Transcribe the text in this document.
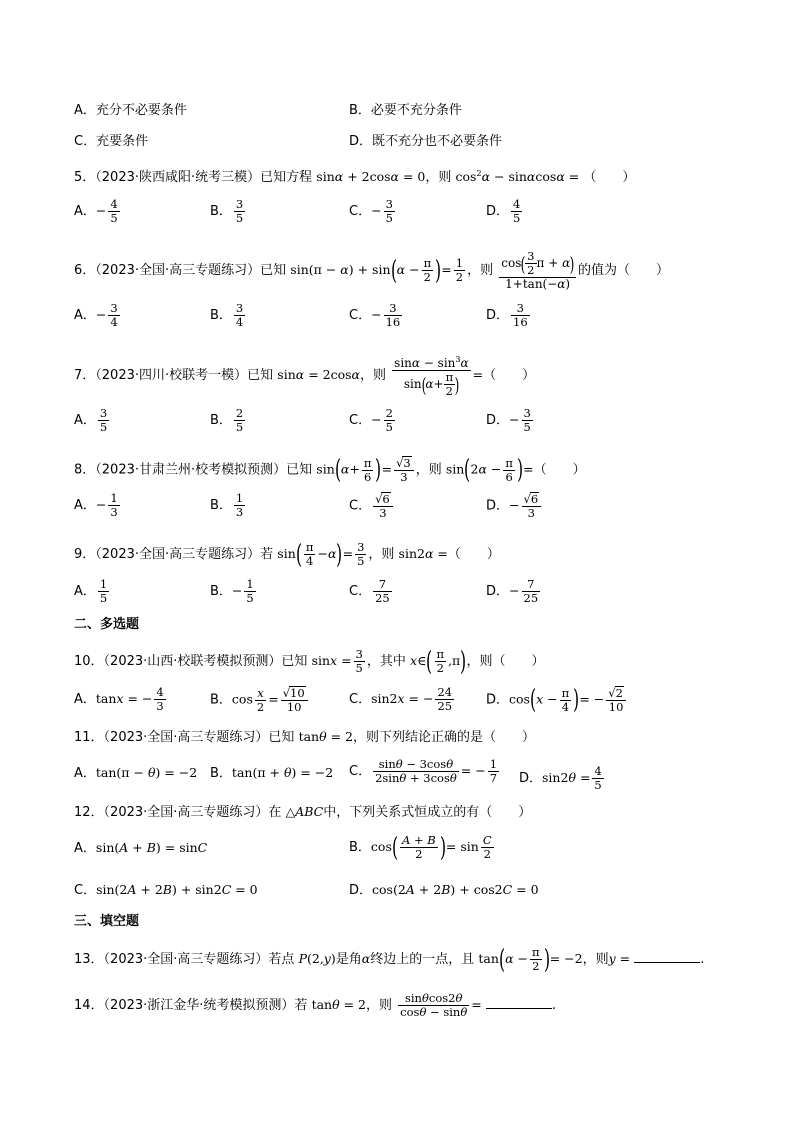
A．充分不必要条件	B．必要不充分条件
C．充要条件	D．既不充分也不必要条件
5．（2023·陕西咸阳·统考三模）已知方程 sinα + 2cosα = 0，则 $\cos^2\alpha - \sin\alpha\cos\alpha$ = （　　）
A．− $\frac{4}{5}$	B． $\frac{3}{5}$	C．− $\frac{3}{5}$	D． $\frac{4}{5}$
6．（2023·全国·高三专题练习）已知 $\sin(\pi - \alpha) + \sin(\alpha - \frac{\pi}{2}$ )= $\frac{1}{2}$ ，则 $\frac{\cos( \frac{3}{2} \pi + \alpha)}{1+\tan(-\alpha)}$ 的值为（　　）
A．− $\frac{3}{4}$	B． $\frac{3}{4}$	C．− $\frac{3}{16}$	D． $\frac{3}{16}$
7．（2023·四川·校联考一模）已知 sinα = 2cosα，则 $\frac{\sin\alpha - \sin^3\alpha}{\sin(\alpha+ \frac{\pi}{2} )}$ =（　　）
A． $\frac{3}{5}$	B． $\frac{2}{5}$	C．− $\frac{2}{5}$	D．− $\frac{3}{5}$
8．（2023·甘肃兰州·校考模拟预测）已知 $\sin(\alpha+ \frac{\pi}{6}$ )= $\frac{√3}{3}$ ，则 $\sin(2\alpha - \frac{\pi}{6}$ )=（　　）
A．− $\frac{1}{3}$	B． $\frac{1}{3}$	C． $\frac{√6}{3}$	D．− $\frac{√6}{3}$
9．（2023·全国·高三专题练习）若 $\sin( \frac{\pi}{4} -\alpha)= \frac{3}{5}$ ，则 sin2α =（　　）
A． $\frac{1}{5}$	B．− $\frac{1}{5}$	C． $\frac{7}{25}$	D．− $\frac{7}{25}$
二、多选题
10．（2023·山西·校联考模拟预测）已知 $\sin x = \frac{3}{5}$ ，其中 x∈( $\frac{\pi}{2} ,\pi$)，则（　　）
A．tanx = − $\frac{4}{3}$	B．$\cos \frac{x}{2} = \frac{√10}{10}$	C．sin2x = − $\frac{24}{25}$ D．$\cos(x - \frac{\pi}{4}$ )= − $\frac{√2}{10}$
11．（2023·全国·高三专题练习）已知 tanθ = 2，则下列结论正确的是（　　）
A．tan(π − θ) = −2 B．tan(π + θ) = −2 C． $\frac{\sin\theta - 3\cos\theta}{2\sin\theta + 3\cos\theta}$ = − $\frac{1}{7}$ D．$\sin 2\theta = \frac{4}{5}$
12．（2023·全国·高三专题练习）在 △ABC中，下列关系式恒成立的有（　　）
A．sin(A + B) = sinC	B．$\cos( \frac{A + B}{2}$ )= $\sin \frac{C}{2}$
C．sin(2A + 2B) + sin2C = 0	D．cos(2A + 2B) + cos2C = 0
三、填空题
13．（2023·全国·高三专题练习）若点 P(2,y)是角α终边上的一点，且 $\tan(\alpha - \frac{\pi}{2}$ )= −2，则y =	.
14．（2023·浙江金华·统考模拟预测）若 tanθ = 2，则 $\frac{\sin\theta\cos 2\theta}{\cos\theta - \sin\theta}$ =	.
